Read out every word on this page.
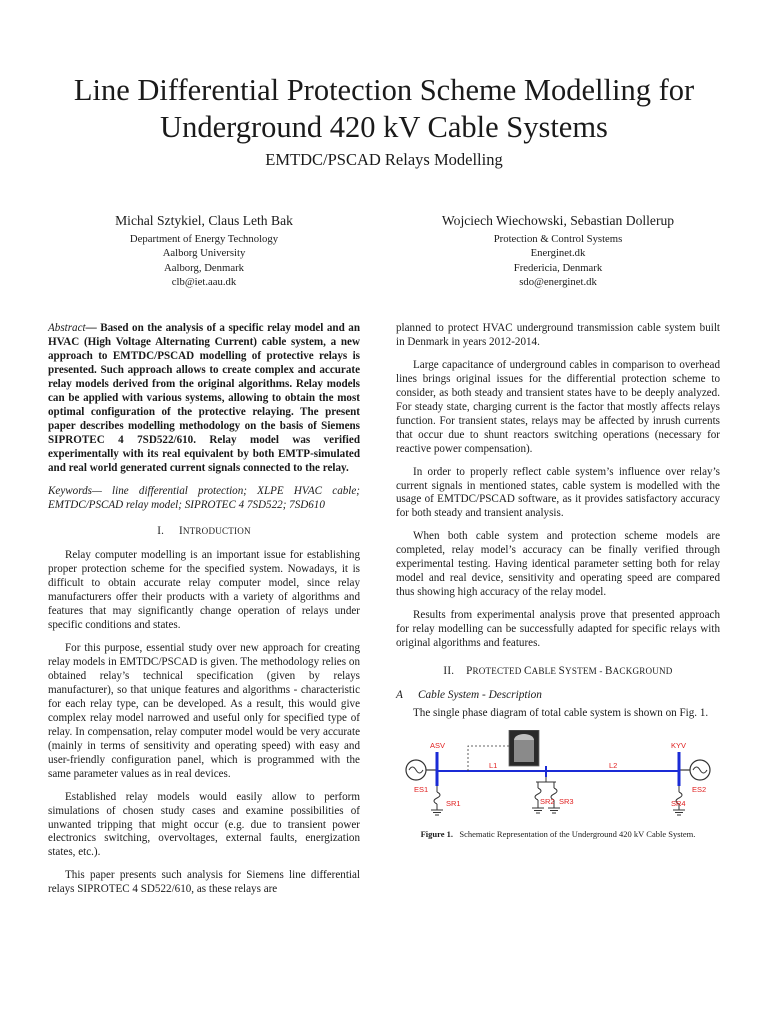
Line Differential Protection Scheme Modelling for
Underground 420 kV Cable Systems
EMTDC/PSCAD Relays Modelling
Michal Sztykiel, Claus Leth Bak
Department of Energy Technology
Aalborg University
Aalborg, Denmark
clb@iet.aau.dk
Wojciech Wiechowski, Sebastian Dollerup
Protection & Control Systems
Energinet.dk
Fredericia, Denmark
sdo@energinet.dk

Abstract— Based on the analysis of a specific relay model and an HVAC (High Voltage Alternating Current) cable system, a new approach to EMTDC/PSCAD modelling of protective relays is presented. Such approach allows to create complex and accurate relay models derived from the original algorithms. Relay models can be applied with various systems, allowing to obtain the most optimal configuration of the protective relaying. The present paper describes modelling methodology on the basis of Siemens SIPROTEC 4 7SD522/610. Relay model was verified experimentally with its real equivalent by both EMTP-simulated and real world generated current signals connected to the relay.

Keywords— line differential protection; XLPE HVAC cable; EMTDC/PSCAD relay model; SIPROTEC 4 7SD522; 7SD610

I. INTRODUCTION

Relay computer modelling is an important issue for establishing proper protection scheme for the specified system. Nowadays, it is difficult to obtain accurate relay computer model, since relay manufacturers offer their products with a variety of algorithms and features that may significantly change operation of relays under specific conditions and states.

For this purpose, essential study over new approach for creating relay models in EMTDC/PSCAD is given. The methodology relies on obtained relay’s technical specification (given by relays manufacturer), so that unique features and algorithms - characteristic for each relay type, can be developed. As a result, this would give complex relay model narrowed and useful only for specified type of relay. In compensation, relay computer model would be very accurate (mainly in terms of sensitivity and operating speed) with easy and user-friendly configuration panel, which is programmed with the same parameter values as in real devices.

Established relay models would easily allow to perform simulations of chosen study cases and examine possibilities of unwanted tripping that might occur (e.g. due to transient power electronics switching, overvoltages, external faults, energization states, etc.).

This paper presents such analysis for Siemens line differential relays SIPROTEC 4 SD522/610, as these relays are

planned to protect HVAC underground transmission cable system built in Denmark in years 2012-2014.

Large capacitance of underground cables in comparison to overhead lines brings original issues for the differential protection scheme to consider, as both steady and transient states have to be deeply analyzed. For steady state, charging current is the factor that mostly affects relays function. For transient states, relays may be affected by inrush currents that occur due to shunt reactors switching operations (necessary for reactive power compensation).

In order to properly reflect cable system’s influence over relay’s current signals in mentioned states, cable system is modelled with the usage of EMTDC/PSCAD software, as it provides satisfactory accuracy for both steady and transient analysis.

When both cable system and protection scheme models are completed, relay model’s accuracy can be finally verified through experimental testing. Having identical parameter setting both for relay model and real device, sensitivity and operating speed are compared thus showing high accuracy of the relay model.

Results from experimental analysis prove that presented approach for relay modelling can be successfully adapted for specific relays with original algorithms and features.

II. PROTECTED CABLE SYSTEM - BACKGROUND
A Cable System - Description

The single phase diagram of total cable system is shown on Fig. 1.

ASV	KYV
ES1	ES2
L1	L2
SR1	SR2 SR3	SR4
Figure 1. Schematic Representation of the Underground 420 kV Cable System.
